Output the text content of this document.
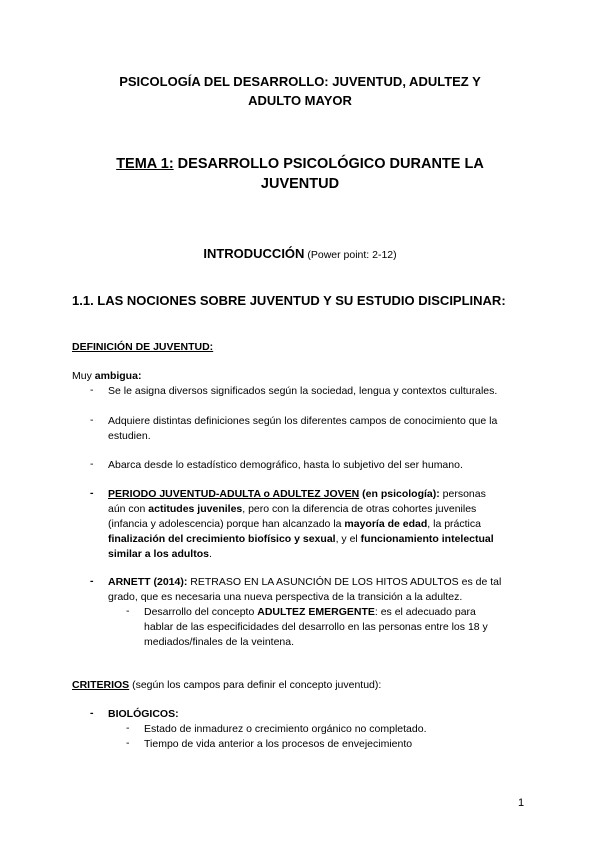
PSICOLOGÍA DEL DESARROLLO: JUVENTUD, ADULTEZ Y
ADULTO MAYOR
TEMA 1: DESARROLLO PSICOLÓGICO DURANTE LA
JUVENTUD
INTRODUCCIÓN (Power point: 2-12)
1.1. LAS NOCIONES SOBRE JUVENTUD Y SU ESTUDIO DISCIPLINAR:
DEFINICIÓN DE JUVENTUD:
Muy ambigua:
- Se le asigna diversos significados según la sociedad, lengua y contextos culturales.
- Adquiere distintas definiciones según los diferentes campos de conocimiento que la
estudien.
- Abarca desde lo estadístico demográfico, hasta lo subjetivo del ser humano.
- PERIODO JUVENTUD-ADULTA o ADULTEZ JOVEN (en psicología): personas
aún con actitudes juveniles, pero con la diferencia de otras cohortes juveniles
(infancia y adolescencia) porque han alcanzado la mayoría de edad, la práctica
finalización del crecimiento biofísico y sexual, y el funcionamiento intelectual
similar a los adultos.
- ARNETT (2014): RETRASO EN LA ASUNCIÓN DE LOS HITOS ADULTOS es de tal
grado, que es necesaria una nueva perspectiva de la transición a la adultez.
- Desarrollo del concepto ADULTEZ EMERGENTE: es el adecuado para
hablar de las especificidades del desarrollo en las personas entre los 18 y
mediados/finales de la veintena.
CRITERIOS (según los campos para definir el concepto juventud):
- BIOLÓGICOS:
- Estado de inmadurez o crecimiento orgánico no completado.
- Tiempo de vida anterior a los procesos de envejecimiento
1
